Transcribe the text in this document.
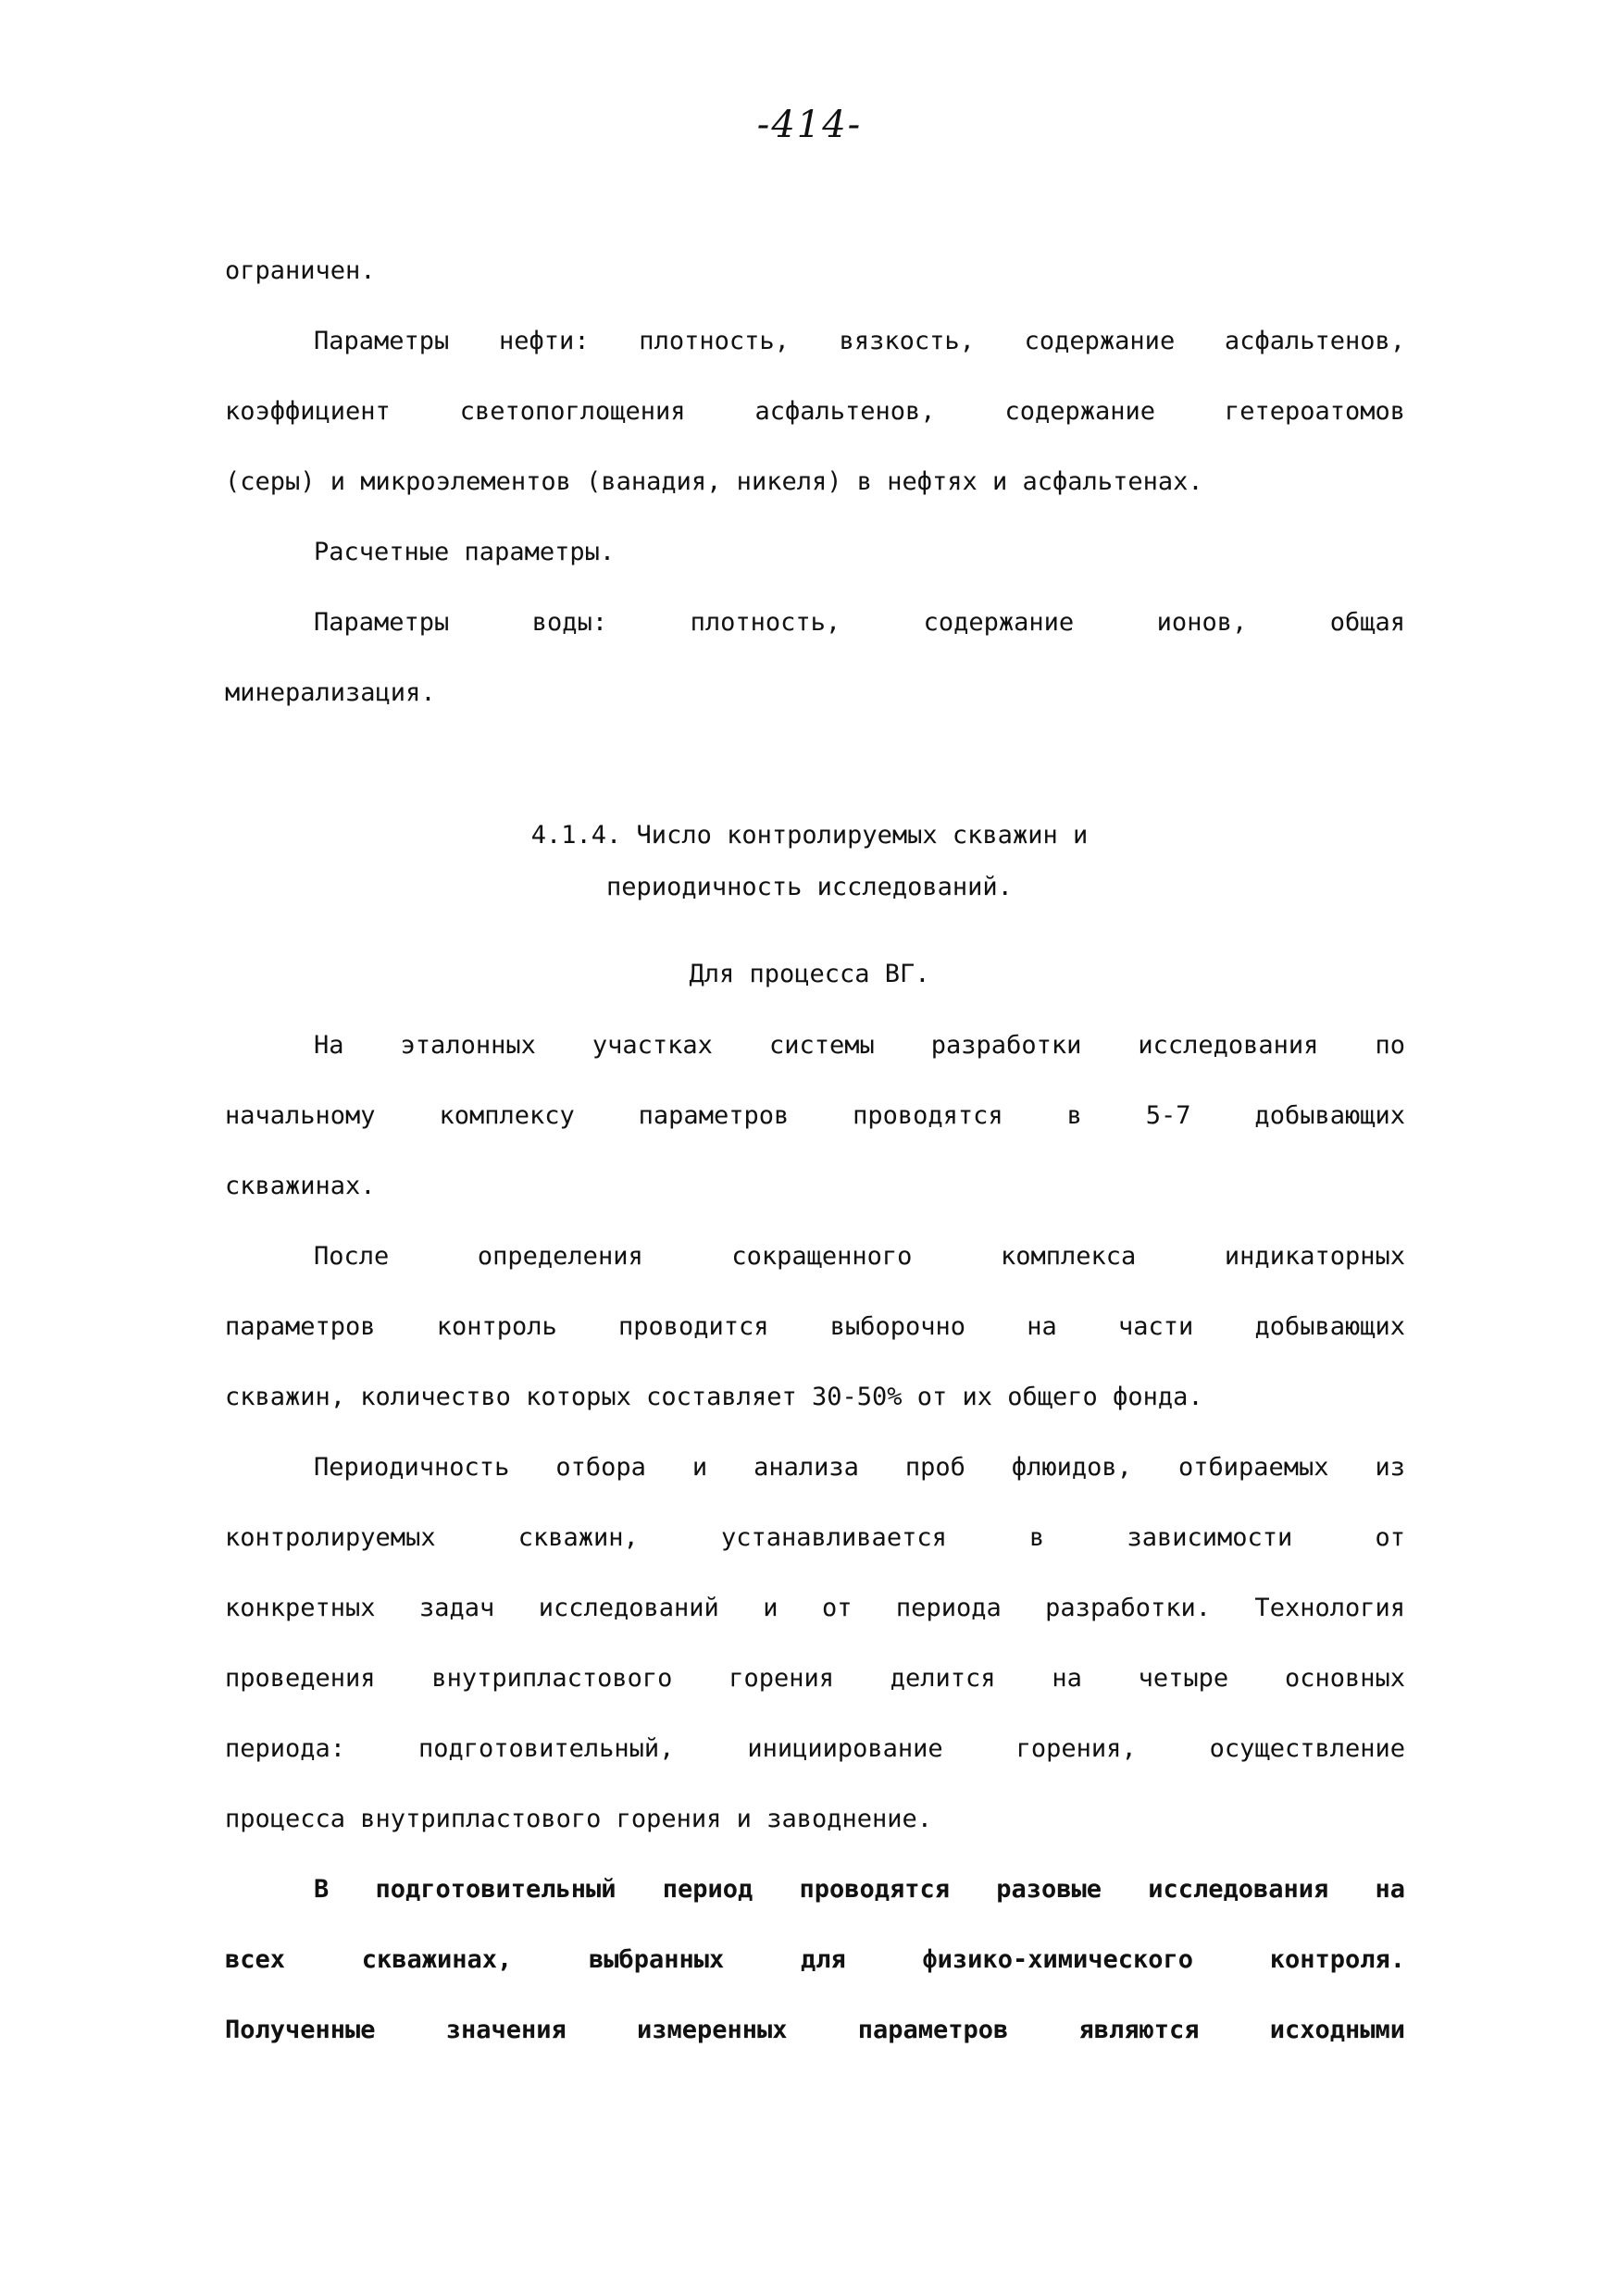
-414-
ограничен.
Параметры нефти: плотность, вязкость, содержание асфальтенов,
коэффициент светопоглощения асфальтенов, содержание гетероатомов
(серы) и микроэлементов (ванадия, никеля) в нефтях и асфальтенах.
Расчетные параметры.
Параметры воды: плотность, содержание ионов, общая
минерализация.
4.1.4. Число контролируемых скважин и
периодичность исследований.
Для процесса ВГ.
На эталонных участках системы разработки исследования по
начальному комплексу параметров проводятся в 5-7 добывающих
скважинах.
После определения сокращенного комплекса индикаторных
параметров контроль проводится выборочно на части добывающих
скважин, количество которых составляет 30-50% от их общего фонда.
Периодичность отбора и анализа проб флюидов, отбираемых из
контролируемых скважин, устанавливается в зависимости от
конкретных задач исследований и от периода разработки. Технология
проведения внутрипластового горения делится на четыре основных
периода: подготовительный, инициирование горения, осуществление
процесса внутрипластового горения и заводнение.
В подготовительный период проводятся разовые исследования на
всех скважинах, выбранных для физико-химического контроля.
Полученные значения измеренных параметров являются исходными
